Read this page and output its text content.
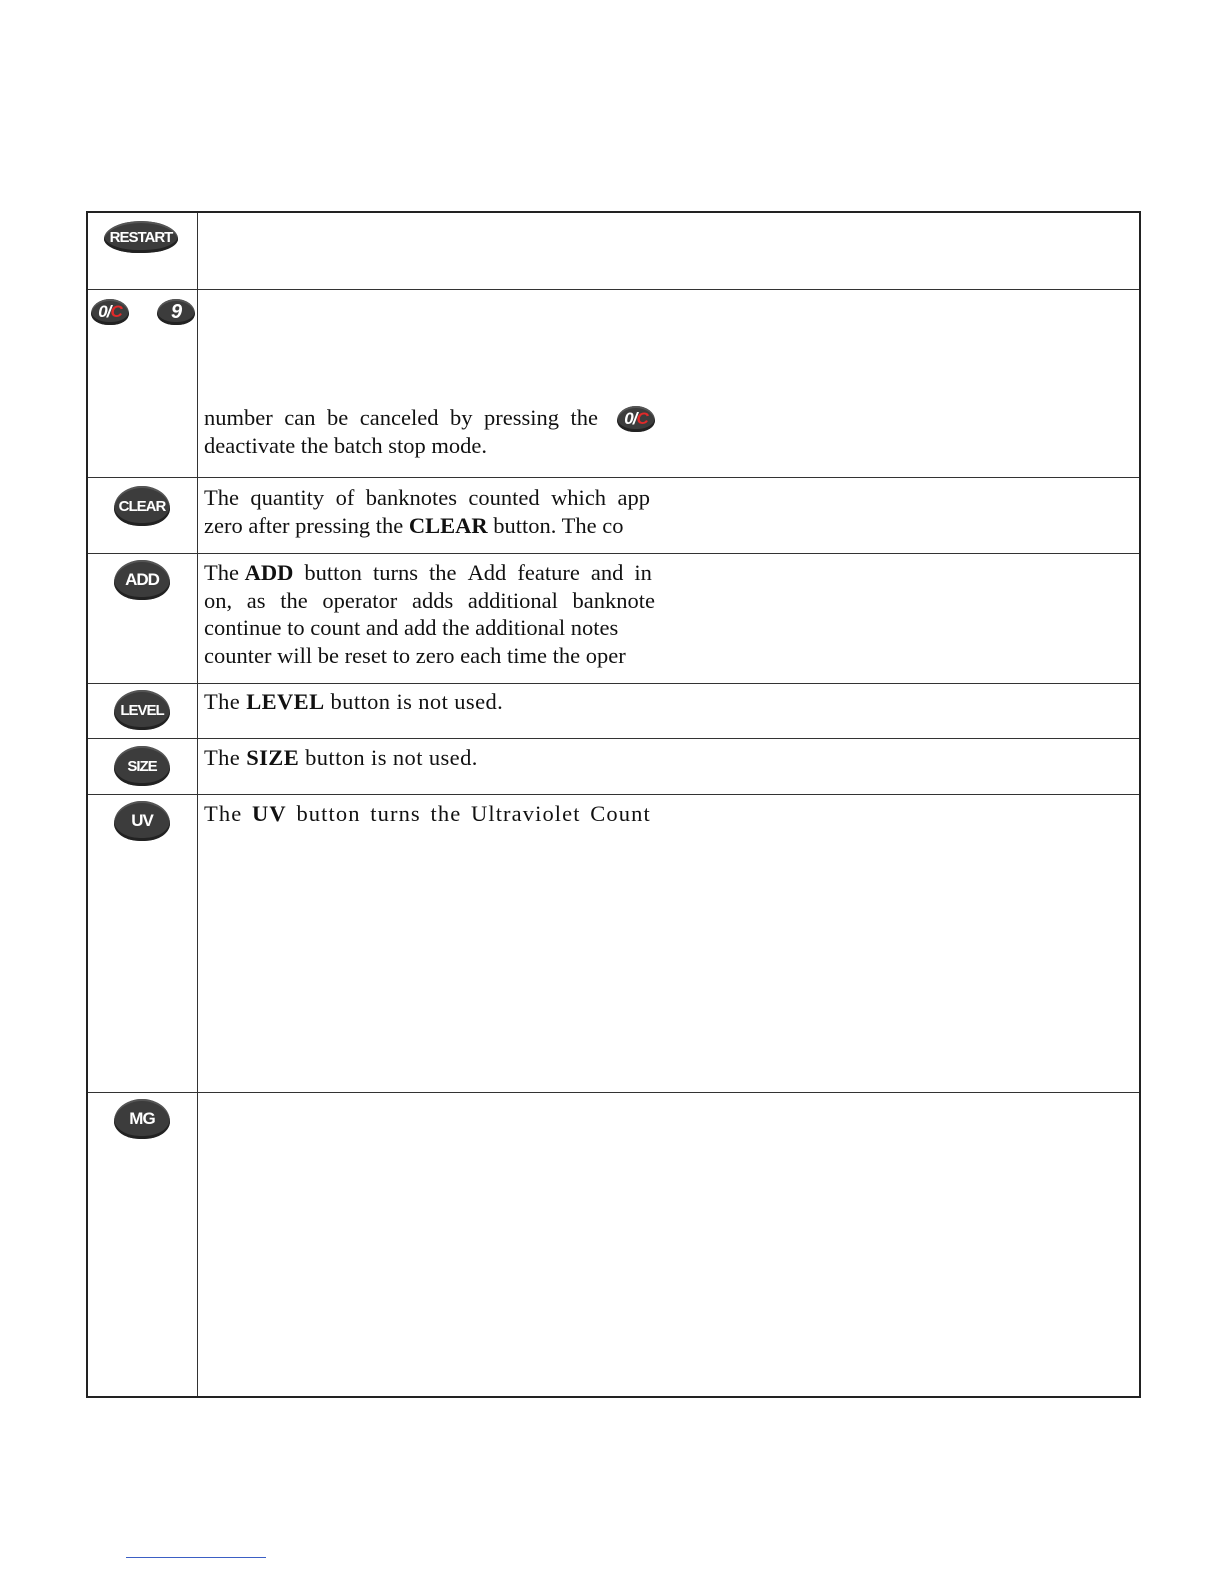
RESTART
0/C 9
number can be canceled by pressing the
deactivate the batch stop mode.
0/C
CLEAR The quantity of banknotes counted which app
zero after pressing the CLEAR button. The co
ADD The ADD button turns the Add feature and in
on, as the operator adds additional banknote
continue to count and add the additional notes
counter will be reset to zero each time the oper
LEVEL The LEVEL button is not used.
SIZE The SIZE button is not used.
UV The UV button turns the Ultraviolet Count
MG
